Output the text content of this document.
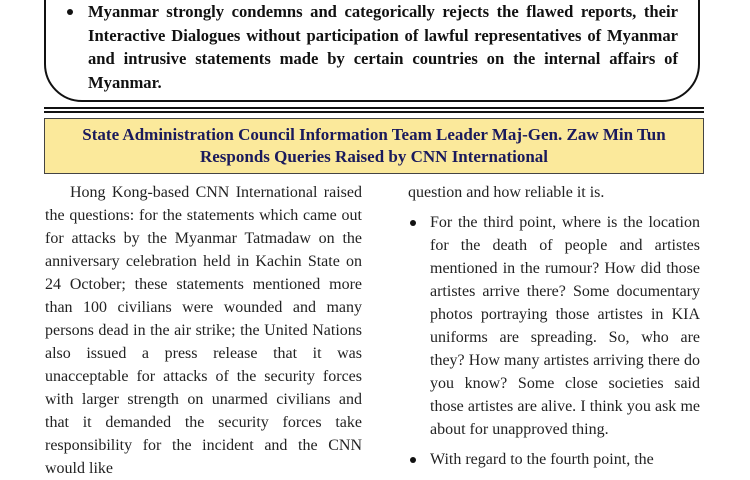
Myanmar strongly condemns and categorically rejects the flawed reports, their Interactive Dialogues without participation of lawful representatives of Myanmar and intrusive statements made by certain countries on the internal affairs of Myanmar.
State Administration Council Information Team Leader Maj-Gen. Zaw Min Tun
Responds Queries Raised by CNN International

Hong Kong-based CNN International raised the questions: for the statements which came out for attacks by the Myanmar Tatmadaw on the anniversary celebration held in Kachin State on 24 October; these statements mentioned more than 100 civilians were wounded and many persons dead in the air strike; the United Nations also issued a press release that it was unacceptable for attacks of the security forces with larger strength on unarmed civilians and that it demanded the security forces take responsibility for the incident and the CNN would like

question and how reliable it is.

For the third point, where is the location for the death of people and artistes mentioned in the rumour? How did those artistes arrive there? Some documentary photos portraying those artistes in KIA uniforms are spreading. So, who are they? How many artistes arriving there do you know? Some close societies said those artistes are alive. I think you ask me about for unapproved thing.
With regard to the fourth point, the
